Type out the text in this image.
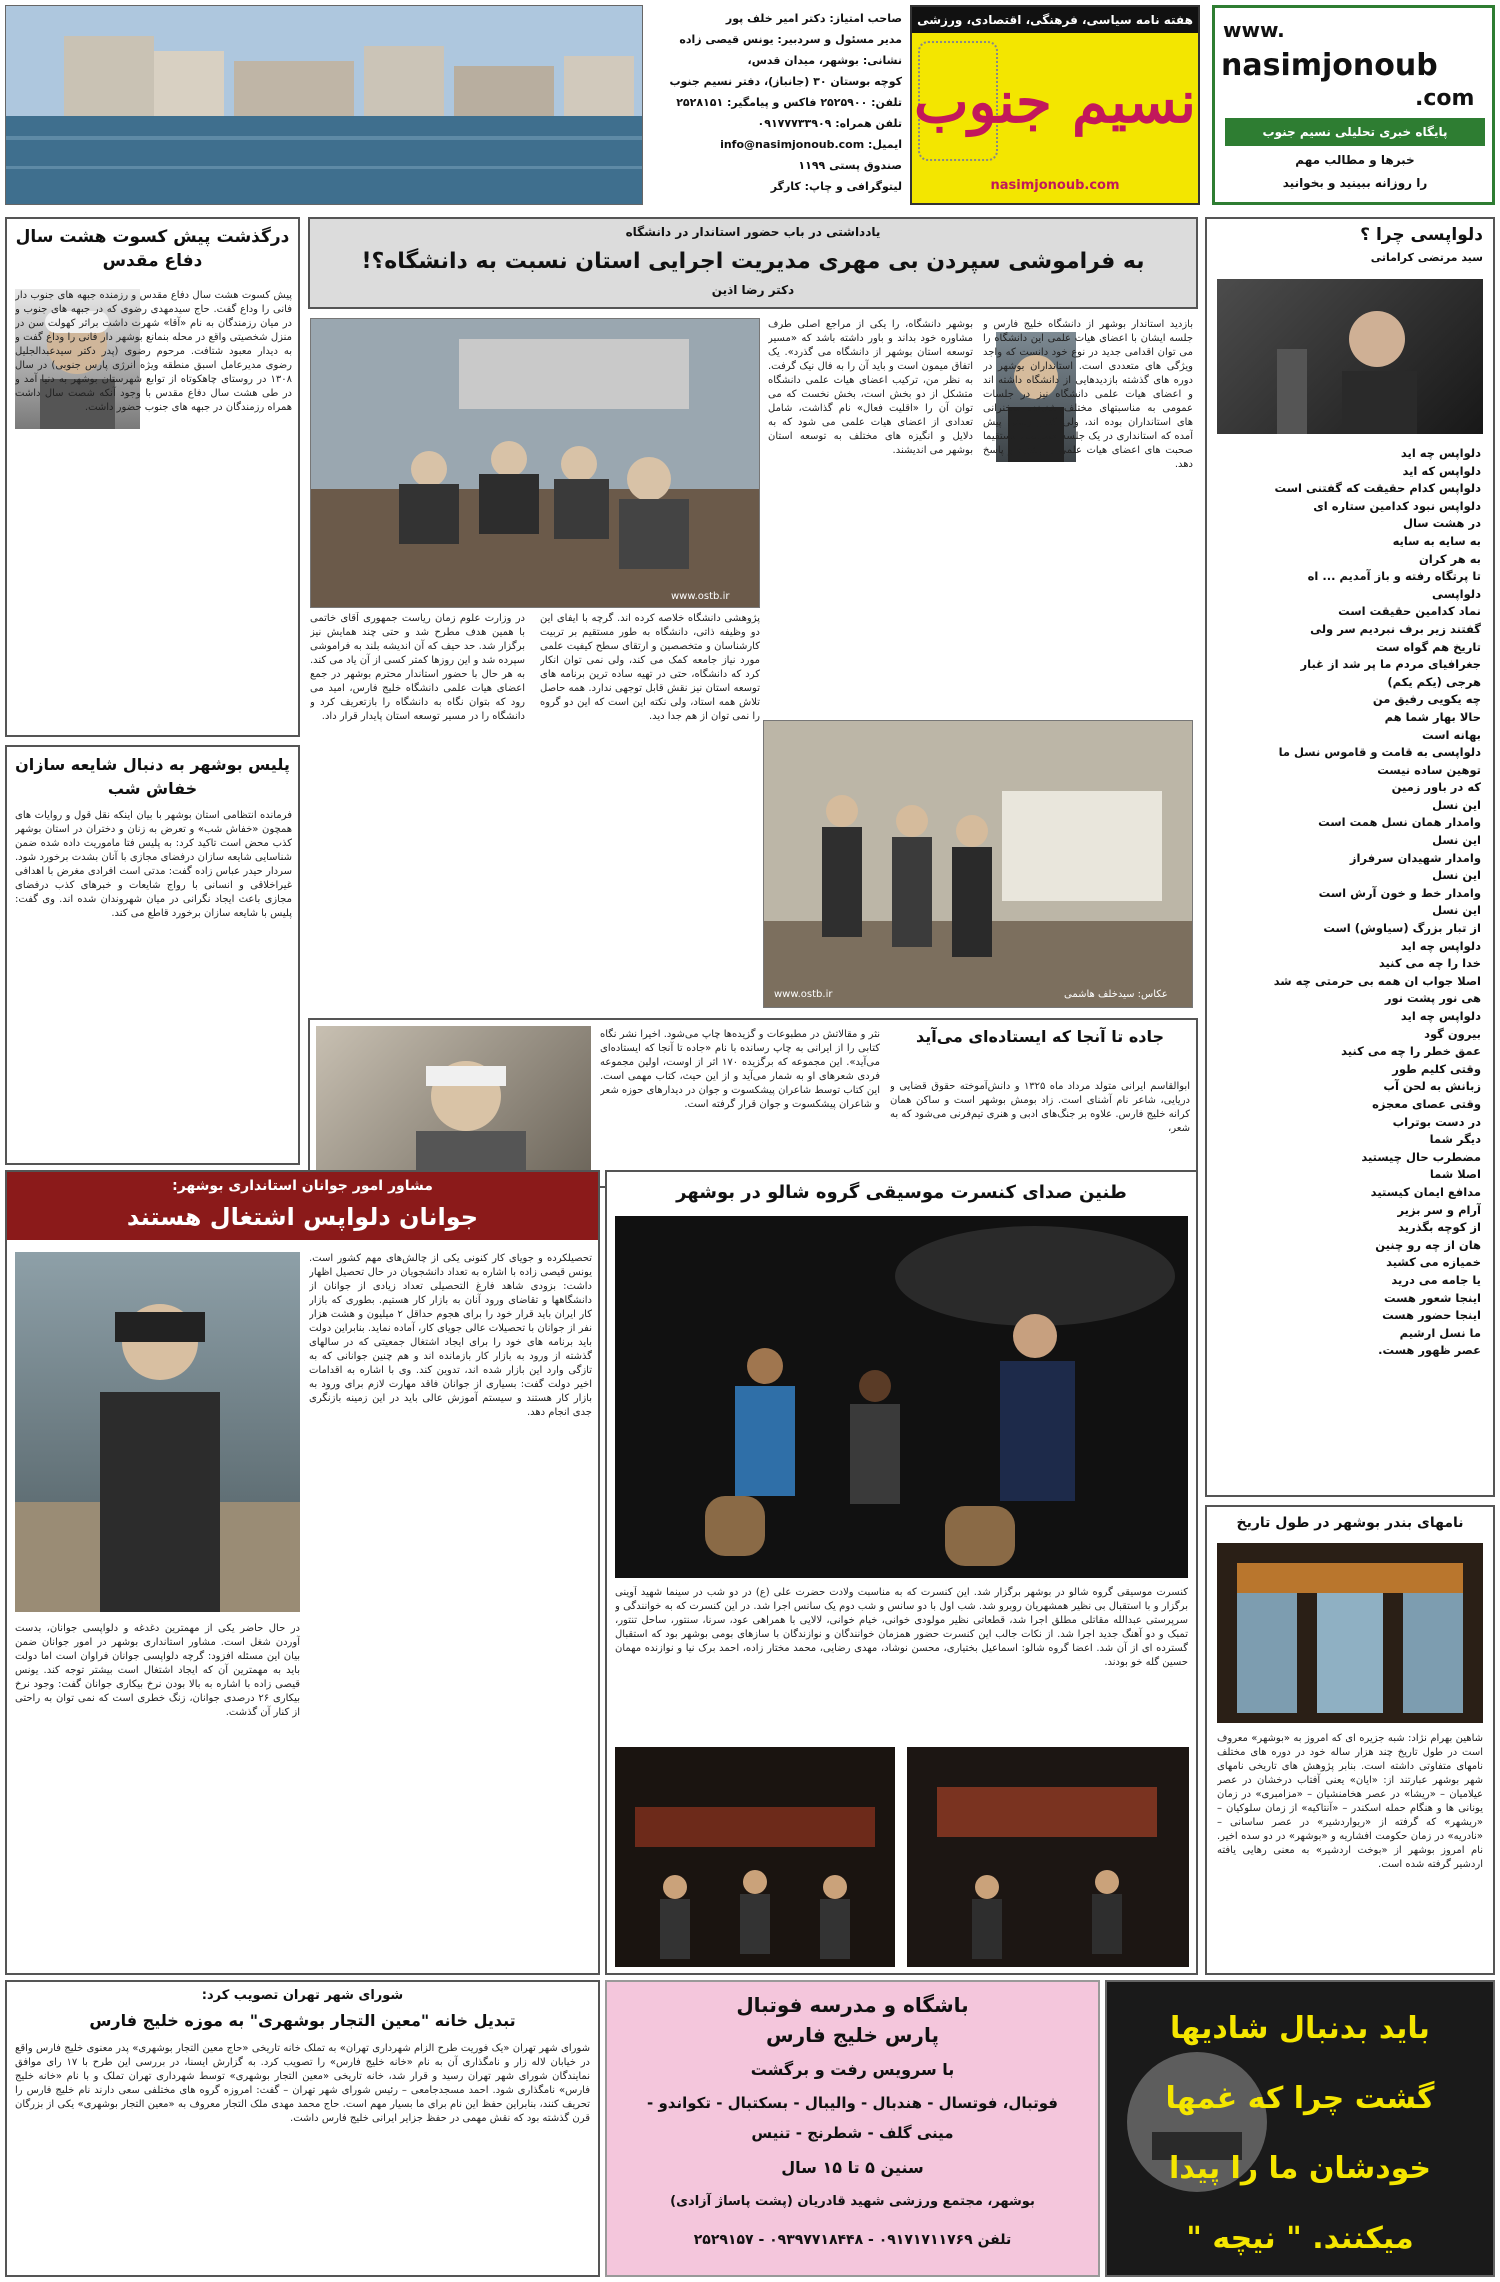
صاحب امتیاز: دکتر امیر خلف پور
مدیر مسئول و سردبیر: یونس قیصی زاده
نشانی: بوشهر، میدان قدس،
کوچه بوستان ۳۰ (جانباز)، دفتر نسیم جنوب
تلفن: ۲۵۲۵۹۰۰ فاکس و پیامگیر: ۲۵۲۸۱۵۱
تلفن همراه: ۰۹۱۷۷۷۳۳۹۰۹
ایمیل: info@nasimjonoub.com
صندوق پستی ۱۱۹۹
لیتوگرافی و چاپ: کارگر
هفته نامه سیاسی، فرهنگی، اقتصادی، ورزشی
نسیم جنوب
nasimjonoub.com
www.
nasimjonoub
.com
پایگاه خبری تحلیلی نسیم جنوب
خبرها و مطالب مهم
را روزانه ببینید و بخوانید
درگذشت پیش کسوت هشت سال دفاع مقدس

پیش کسوت هشت سال دفاع مقدس و رزمنده جبهه های جنوب دار فانی را وداع گفت. حاج سیدمهدی رضوی که در جبهه های جنوب و در میان رزمندگان به نام «آقا» شهرت داشت براثر کهولت سن در منزل شخصیتی واقع در محله بنمانع بوشهر دار فانی را وداع گفت و به دیدار معبود شتافت. مرحوم رضوی (پدر دکتر سیدعبدالجلیل رضوی مدیرعامل اسبق منطقه ویژه انرژی پارس جنوبی) در سال ۱۳۰۸ در روستای چاهکوتاه از توابع شهرستان بوشهر به دنیا آمد و در طی هشت سال دفاع مقدس با وجود آنکه شصت سال داشت همراه رزمندگان در جبهه های جنوب حضور داشت.

پلیس بوشهر به دنبال شایعه سازان خفاش شب

فرمانده انتظامی استان بوشهر با بیان اینکه نقل قول و روایات های همچون «خفاش شب» و تعرض به زنان و دختران در استان بوشهر کذب محض است تاکید کرد: به پلیس فتا ماموریت داده شده ضمن شناسایی شایعه سازان درفضای مجازی با آنان بشدت برخورد شود. سردار حیدر عباس زاده گفت: مدتی است افرادی مغرض با اهدافی غیراخلاقی و انسانی با رواج شایعات و خبرهای کذب درفضای مجازی باعث ایجاد نگرانی در میان شهروندان شده اند. وی گفت: پلیس با شایعه سازان برخورد قاطع می کند.

یادداشتی در باب حضور استاندار در دانشگاه
به فراموشی سپردن بی مهری مدیریت اجرایی استان نسبت به دانشگاه؟!
دکتر رضا اذین
www.ostb.ir

در وزارت علوم زمان ریاست جمهوری آقای خاتمی با همین هدف مطرح شد و حتی چند همایش نیز برگزار شد. حد حیف که آن اندیشه بلند به فراموشی سپرده شد و این روزها کمتر کسی از آن یاد می کند. به هر حال با حضور استاندار محترم بوشهر در جمع اعضای هیات علمی دانشگاه خلیج فارس، امید می رود که بتوان نگاه به دانشگاه را بازتعریف کرد و دانشگاه را در مسیر توسعه استان پایدار قرار داد.

پژوهشی دانشگاه خلاصه کرده اند. گرچه با ایفای این دو وظیفه ذاتی، دانشگاه به طور مستقیم بر تربیت کارشناسان و متخصصین و ارتقای سطح کیفیت علمی مورد نیاز جامعه کمک می کند، ولی نمی توان انکار کرد که دانشگاه، حتی در تهیه ساده ترین برنامه های توسعه استان نیز نقش قابل توجهی ندارد. همه حاصل تلاش همه استاد، ولی نکته این است که این دو گروه را نمی توان از هم جدا دید.

بوشهر دانشگاه، را یکی از مراجع اصلی طرف مشاوره خود بداند و باور داشته باشد که «مسیر توسعه استان بوشهر از دانشگاه می گذرد». یک اتفاق میمون است و باید آن را به فال نیک گرفت. به نظر من، ترکیب اعضای هیات علمی دانشگاه متشکل از دو بخش است، بخش نخست که می توان آن را «اقلیت فعال» نام گذاشت، شامل تعدادی از اعضای هیات علمی می شود که به دلایل و انگیزه های مختلف به توسعه استان بوشهر می اندیشند.

بازدید استاندار بوشهر از دانشگاه خلیج فارس و جلسه ایشان با اعضای هیات علمی این دانشگاه را می توان اقدامی جدید در نوع خود دانست که واجد ویژگی های متعددی است. استانداران بوشهر در دوره های گذشته بازدیدهایی از دانشگاه داشته اند و اعضای هیات علمی دانشگاه نیز در جلسات عمومی به مناسبتهای مختلف شنونده سخنرانی های استانداران بوده اند، ولی کمتر زمانی پیش آمده که استانداری در یک جلسه خصوصی مستقیما صحبت های اعضای هیات علمی را بشنود و پاسخ دهد.

www.ostb.ir	عکاس: سیدخلف هاشمی

نثر و مقالاتش در مطبوعات و گزیده‌ها چاپ می‌شود. اخیرا نشر نگاه کتابی را از ایرانی به چاپ رسانده با نام «جاده تا آنجا که ایستاده‌ای می‌آید». این مجموعه که برگزیده ۱۷۰ اثر از اوست، اولین مجموعه فردی شعرهای او به شمار می‌آید و از این حیث، کتاب مهمی است. این کتاب توسط شاعران پیشکسوت و جوان در دیدارهای حوزه شعر و شاعران پیشکسوت و جوان قرار گرفته است.

جاده تا آنجا که ایستاده‌ای می‌آید

ابوالقاسم ایرانی متولد مرداد ماه ۱۳۲۵ و دانش‌آموخته حقوق قضایی و دریایی، شاعر نام آشنای است. زاد بومش بوشهر است و ساکن همان کرانه خلیج فارس. علاوه بر جنگ‌های ادبی و هنری تیم‌فرنی می‌شود که به شعر،

دلواپسی چرا ؟
سید مرتضی کراماتی
دلواپس چه اید
دلواپس که اید
دلواپس کدام حقیقت که گفتنی است
دلواپس نبود کدامین ستاره ای
در هشت سال
به سایه به سایه
به هر کران
تا پرتگاه رفته و باز آمدیم ... اه
دلواپسی
نماد کدامین حقیقت است
گفتند زیر برف نبردیم سر ولی
تاریخ هم گواه ست
جغرافیای مردم ما پر شد از غبار
هرجی (یکم یکم)
چه یکویی رفیق من
حالا بهار شما هم
بهانه است
دلواپسی به قامت و قاموس نسل ما
توهین ساده نیست
که در باور زمین
این نسل
وامدار همان نسل همت است
این نسل
وامدار شهیدان سرفراز
این نسل
وامدار خط و خون آرش است
این نسل
از تبار بزرگ (سیاوش) است
دلواپس چه اید
خدا را چه می کنید
اصلا جواب ان همه بی حرمتی چه شد
هی نور پشت نور
دلواپس چه اید
بیرون گود
عمق خطر را چه می کنید
وقتی کلیم طور
زبانش به لحن آب
وقتی عصای معجزه
در دست بوتراب
دیگر شما
مضطرب حال چیستید
اصلا شما
مدافع ایمان کیستید
آرام و سر بزیر
از کوچه بگذرید
هان از چه رو چنین
خمیازه می کشید
یا جامه می درید
اینجا شعور هست
اینجا حضور هست
ما نسل ارشیم
عصر ظهور هست.
مشاور امور جوانان استانداری بوشهر:
جوانان دلواپس اشتغال هستند

تحصیلکرده و جویای کار کنونی یکی از چالش‌های مهم کشور است. یونس قیصی زاده با اشاره به تعداد دانشجویان در حال تحصیل اظهار داشت: بزودی شاهد فارغ التحصیلی تعداد زیادی از جوانان از دانشگاهها و تقاضای ورود آنان به بازار کار هستیم. بطوری که بازار کار ایران باید قرار خود را برای هجوم حداقل ۲ میلیون و هشت هزار نفر از جوانان با تحصیلات عالی جویای کار، آماده نماید. بنابراین دولت باید برنامه های خود را برای ایجاد اشتغال جمعیتی که در سالهای گذشته از ورود به بازار کار بازمانده اند و هم چنین جوانانی که به تازگی وارد این بازار شده اند، تدوین کند. وی با اشاره به اقدامات اخیر دولت گفت: بسیاری از جوانان فاقد مهارت لازم برای ورود به بازار کار هستند و سیستم آموزش عالی باید در این زمینه بازنگری جدی انجام دهد.

در حال حاضر یکی از مهمترین دغدغه و دلواپسی جوانان، بدست آوردن شغل است. مشاور استانداری بوشهر در امور جوانان ضمن بیان این مسئله افزود: گرچه دلواپسی جوانان فراوان است اما دولت باید به مهمترین آن که ایجاد اشتغال است بیشتر توجه کند. یونس قیصی زاده با اشاره به بالا بودن نرخ بیکاری جوانان گفت: وجود نرخ بیکاری ۲۶ درصدی جوانان، زنگ خطری است که نمی توان به راحتی از کنار آن گذشت.

طنین صدای کنسرت موسیقی گروه شالو در بوشهر

کنسرت موسیقی گروه شالو در بوشهر برگزار شد. این کنسرت که به مناسبت ولادت حضرت علی (ع) در دو شب در سینما شهید آوینی برگزار و با استقبال بی نظیر همشهریان روبرو شد. شب اول با دو سانس و شب دوم یک سانس اجرا شد. در این کنسرت که به خوانندگی و سرپرستی عبدالله مقاتلی مطلق اجرا شد، قطعاتی نظیر مولودی خوانی، خیام خوانی، لالایی با همراهی عود، سرنا، سنتور، ساحل تنتور، تمبک و دو آهنگ جدید اجرا شد. از نکات جالب این کنسرت حضور همزمان خوانندگان و نوازندگان با سازهای بومی بوشهر بود که استقبال گسترده ای از آن شد. اعضا گروه شالو: اسماعیل بختیاری، محسن نوشاد، مهدی رضایی، محمد مختار زاده، احمد برک نیا و نوازنده مهمان حسین گله خو بودند.

نامهای بندر بوشهر در طول تاریخ

شاهین بهرام نژاد: شبه جزیره ای که امروز به «بوشهر» معروف است در طول تاریخ چند هزار ساله خود در دوره های مختلف نامهای متفاوتی داشته است. بنابر پژوهش های تاریخی نامهای شهر بوشهر عبارتند از: «ایان» یعنی آفتاب درخشان در عصر عیلامیان – «ریشا» در عصر هخامنشیان – «مزامبری» در زمان یونانی ها و هنگام حمله اسکندر – «آنتاکیه» از زمان سلوکیان – «ریشهر» که گرفته از «ریواردشیر» در عصر ساسانی – «نادریه» در زمان حکومت افشاریه و «بوشهر» در دو سده اخیر. نام امروز بوشهر از «بوخت اردشیر» به معنی رهایی یافته اردشیر گرفته شده است.

شورای شهر تهران تصویب کرد:
تبدیل خانه "معین التجار بوشهری" به موزه خلیج فارس

شورای شهر تهران «یک فوریت طرح الزام شهرداری تهران» به تملک خانه تاریخی «حاج معین التجار بوشهری» پدر معنوی خلیج فارس واقع در خیابان لاله زار و نامگذاری آن به نام «خانه خلیج فارس» را تصویب کرد. به گزارش ایسنا، در بررسی این طرح با ۱۷ رای موافق نمایندگان شورای شهر تهران رسید و قرار شد، خانه تاریخی «معین التجار بوشهری» توسط شهرداری تهران تملک و با نام «خانه خلیج فارس» نامگذاری شود. احمد مسجدجامعی – رئیس شورای شهر تهران – گفت: امروزه گروه های مختلفی سعی دارند نام خلیج فارس را تحریف کنند، بنابراین حفظ این نام برای ما بسیار مهم است. حاج محمد مهدی ملک التجار معروف به «معین التجار بوشهری» یکی از بزرگان قرن گذشته بود که نقش مهمی در حفظ جزایر ایرانی خلیج فارس داشت.

باشگاه و مدرسه فوتبال
پارس خلیج فارس
با سرویس رفت و برگشت
فوتبال، فوتسال - هندبال - والیبال - بسکتبال - تکواندو -
مینی گلف - شطرنج - تنیس
سنین ۵ تا ۱۵ سال
بوشهر، مجتمع ورزشی شهید قادریان (پشت پاساژ آزادی)
تلفن ۰۹۱۷۱۷۱۱۷۶۹ - ۰۹۳۹۷۷۱۸۴۴۸ - ۲۵۲۹۱۵۷
باید بدنبال شادیها
گشت چرا که غمها
خودشان ما را پیدا
میکنند. " نیچه "
